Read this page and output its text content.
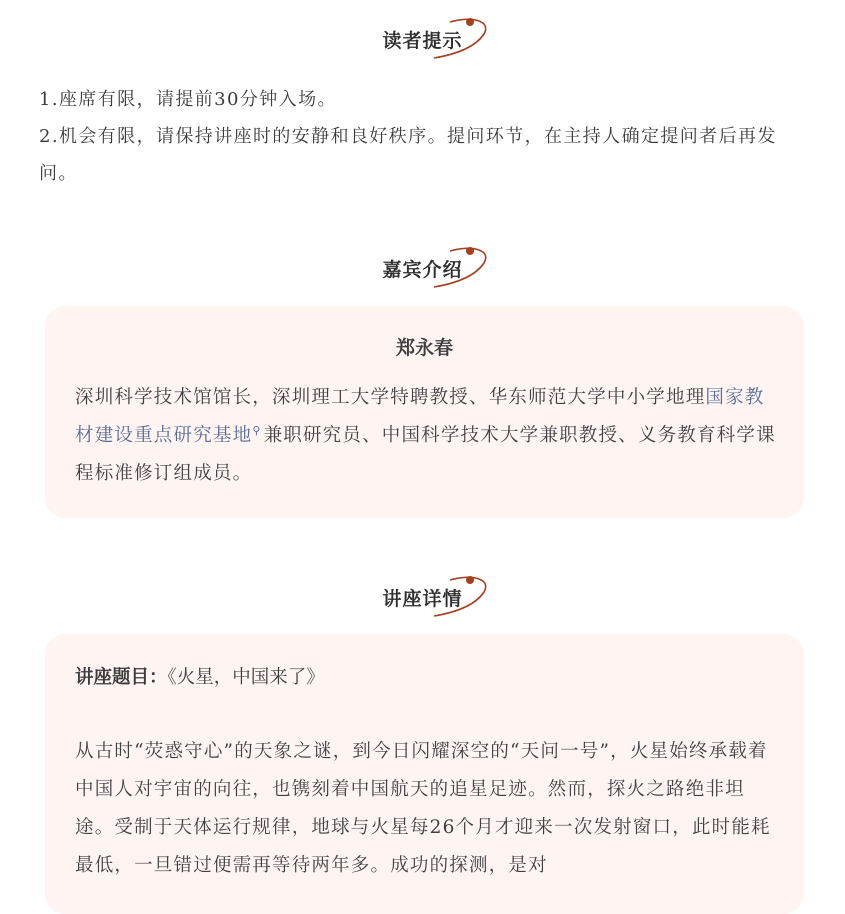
读者提示

1.座席有限，请提前30分钟入场。

2.机会有限，请保持讲座时的安静和良好秩序。提问环节，在主持人确定提问者后再发问。

嘉宾介绍
郑永春

深圳科学技术馆馆长，深圳理工大学特聘教授、华东师范大学中小学地理国家教材建设重点研究基地⚲ 兼职研究员、中国科学技术大学兼职教授、义务教育科学课程标准修订组成员。

讲座详情
讲座题目：《火星，中国来了》

从古时“荧惑守心”的天象之谜，到今日闪耀深空的“天问一号”，火星始终承载着中国人对宇宙的向往，也镌刻着中国航天的追星足迹。然而，探火之路绝非坦途。受制于天体运行规律，地球与火星每26个月才迎来一次发射窗口，此时能耗最低，一旦错过便需再等待两年多。成功的探测，是对
